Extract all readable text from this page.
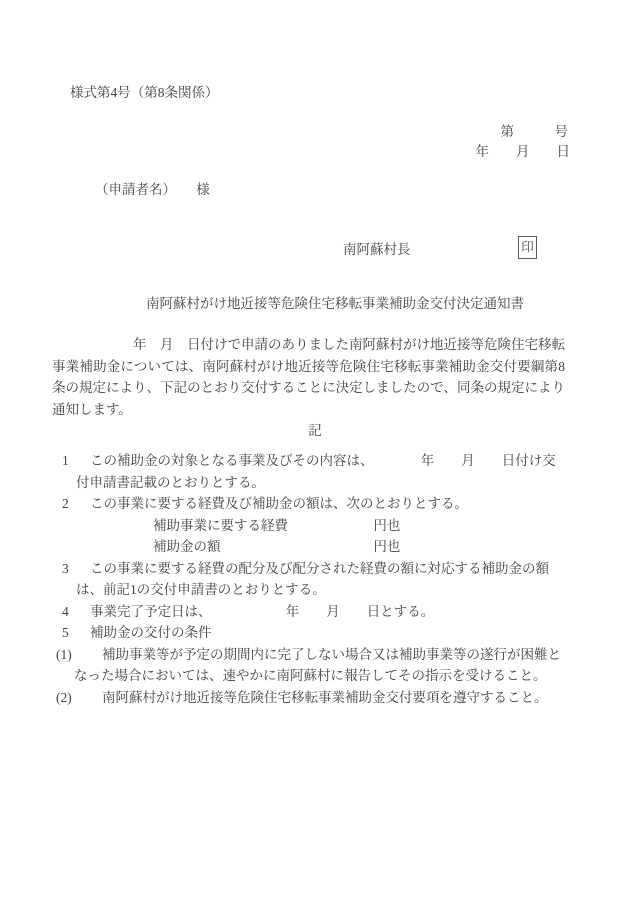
様式第4号（第8条関係）
第　　　号
年　　月　　日
（申請者名）　　様
南阿蘇村長	印
南阿蘇村がけ地近接等危険住宅移転事業補助金交付決定通知書
　　　　　　年　月　日付けで申請のありました南阿蘇村がけ地近接等危険住宅移転事業補助金については、南阿蘇村がけ地近接等危険住宅移転事業補助金交付要綱第8条の規定により、下記のとおり交付することに決定しましたので、同条の規定により通知します。
記
1 この補助金の対象となる事業及びその内容は、　　　　年　　月　　日付け交付申請書記載のとおりとする。
2 この事業に要する経費及び補助金の額は、次のとおりとする。
補助事業に要する経費	円也
補助金の額	円也
3 この事業に要する経費の配分及び配分された経費の額に対応する補助金の額は、前記1の交付申請書のとおりとする。
4 事業完了予定日は、　　　　　　年　　月　　日とする。
5 補助金の交付の条件
(1) 補助事業等が予定の期間内に完了しない場合又は補助事業等の遂行が困難となった場合においては、速やかに南阿蘇村に報告してその指示を受けること。
(2) 南阿蘇村がけ地近接等危険住宅移転事業補助金交付要項を遵守すること。
